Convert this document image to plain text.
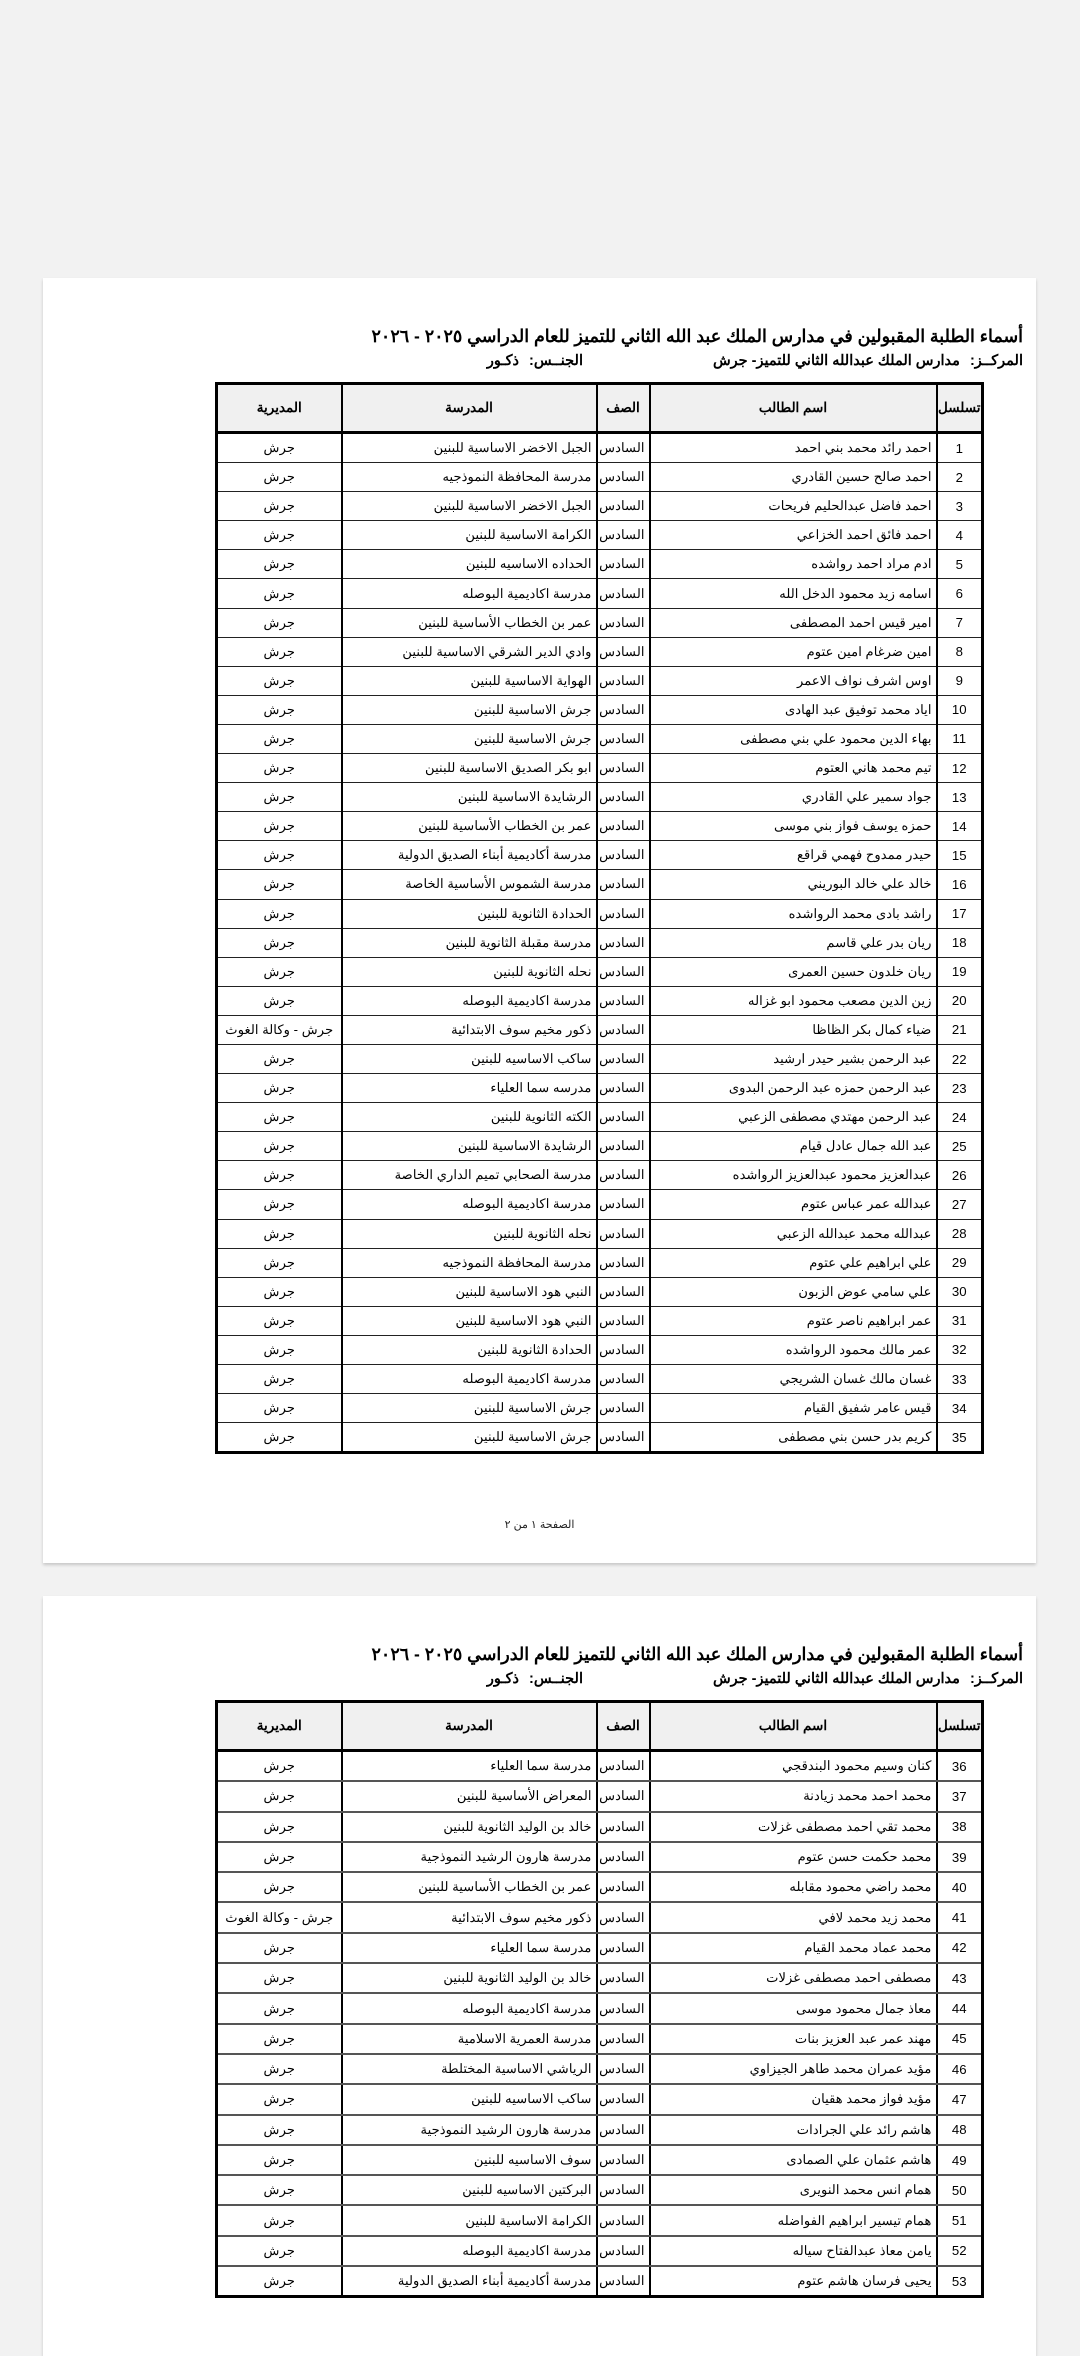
أسماء الطلبة المقبولين في مدارس الملك عبد الله الثاني للتميز للعام الدراسي ٢٠٢٥ - ٢٠٢٦
المركــز: مدارس الملك عبدالله الثاني للتميز- جرش
الجنــس: ذكـور
تسلسل	اسم الطالب	الصف	المدرسة	المديرية
1	احمد رائد محمد بني احمد	السادس	الجبل الاخضر الاساسية للبنين	جرش
2	احمد صالح حسين القادري	السادس	مدرسة المحافظة النموذجيه	جرش
3	احمد فاضل عبدالحليم فريحات	السادس	الجبل الاخضر الاساسية للبنين	جرش
4	احمد فائق احمد الخزاعي	السادس	الكرامة الاساسية للبنين	جرش
5	ادم مراد احمد رواشده	السادس	الحداده الاساسيه للبنين	جرش
6	اسامه زيد محمود الدخل الله	السادس	مدرسة اكاديمية البوصله	جرش
7	امير قيس احمد المصطفى	السادس	عمر بن الخطاب الأساسية للبنين	جرش
8	امين ضرغام امين عتوم	السادس	وادي الدير الشرقي الاساسية للبنين	جرش
9	اوس اشرف نواف الاعمر	السادس	الهواية الاساسية للبنين	جرش
10	اياد محمد توفيق عبد الهادى	السادس	جرش الاساسية للبنين	جرش
11	بهاء الدين محمود علي بني مصطفى	السادس	جرش الاساسية للبنين	جرش
12	تيم محمد هاني العتوم	السادس	ابو بكر الصديق الاساسية للبنين	جرش
13	جواد سمير علي القادري	السادس	الرشايدة الاساسية للبنين	جرش
14	حمزه يوسف فواز بني موسى	السادس	عمر بن الخطاب الأساسية للبنين	جرش
15	حيدر ممدوح فهمي قراقع	السادس	مدرسة أكاديمية أبناء الصديق الدولية	جرش
16	خالد علي خالد البوريني	السادس	مدرسة الشموس الأساسية الخاصة	جرش
17	راشد بادى محمد الرواشده	السادس	الحدادة الثانوية للبنين	جرش
18	ريان بدر علي قاسم	السادس	مدرسة مقبلة الثانوية للبنين	جرش
19	ريان خلدون حسين العمرى	السادس	نحله الثانوية للبنين	جرش
20	زين الدين مصعب محمود ابو غزاله	السادس	مدرسة اكاديمية البوصله	جرش
21	ضياء كمال بكر الظاظا	السادس	ذكور مخيم سوف الابتدائية	جرش - وكالة الغوث
22	عبد الرحمن بشير حيدر ارشيد	السادس	ساكب الاساسيه للبنين	جرش
23	عبد الرحمن حمزه عبد الرحمن البدوى	السادس	مدرسه سما العلياء	جرش
24	عبد الرحمن مهتدي مصطفى الزعبي	السادس	الكته الثانوية للبنين	جرش
25	عبد الله جمال عادل قيام	السادس	الرشايدة الاساسية للبنين	جرش
26	عبدالعزيز محمود عبدالعزيز الرواشده	السادس	مدرسة الصحابي تميم الداري الخاصة	جرش
27	عبدالله عمر عباس عتوم	السادس	مدرسة اكاديمية البوصله	جرش
28	عبدالله محمد عبدالله الزعبي	السادس	نحله الثانوية للبنين	جرش
29	علي ابراهيم علي عتوم	السادس	مدرسة المحافظة النموذجيه	جرش
30	علي سامي عوض الزبون	السادس	النبي هود الاساسية للبنين	جرش
31	عمر ابراهيم ناصر عتوم	السادس	النبي هود الاساسية للبنين	جرش
32	عمر مالك محمود الرواشده	السادس	الحدادة الثانوية للبنين	جرش
33	غسان مالك غسان الشريجي	السادس	مدرسة اكاديمية البوصله	جرش
34	قيس عامر شفيق القيام	السادس	جرش الاساسية للبنين	جرش
35	كريم بدر حسن بني مصطفى	السادس	جرش الاساسية للبنين	جرش
الصفحة ١ من ٢
أسماء الطلبة المقبولين في مدارس الملك عبد الله الثاني للتميز للعام الدراسي ٢٠٢٥ - ٢٠٢٦
المركــز: مدارس الملك عبدالله الثاني للتميز- جرش
الجنــس: ذكـور
تسلسل	اسم الطالب	الصف	المدرسة	المديرية
36	كنان وسيم محمود البندقجي	السادس	مدرسة سما العلياء	جرش
37	محمد احمد محمد زيادنة	السادس	المعراض الأساسية للبنين	جرش
38	محمد تقي احمد مصطفى غزلات	السادس	خالد بن الوليد الثانوية للبنين	جرش
39	محمد حكمت حسن عتوم	السادس	مدرسة هارون الرشيد النموذجية	جرش
40	محمد راضي محمود مقابله	السادس	عمر بن الخطاب الأساسية للبنين	جرش
41	محمد زيد محمد لافي	السادس	ذكور مخيم سوف الابتدائية	جرش - وكالة الغوث
42	محمد عماد محمد القيام	السادس	مدرسة سما العلياء	جرش
43	مصطفى احمد مصطفى غزلات	السادس	خالد بن الوليد الثانوية للبنين	جرش
44	معاذ جمال محمود موسى	السادس	مدرسة اكاديمية البوصله	جرش
45	مهند عمر عبد العزيز بنات	السادس	مدرسة العمرية الاسلامية	جرش
46	مؤيد عمران محمد طاهر الجيزاوي	السادس	الرياشي الاساسية المختلطة	جرش
47	مؤيد فواز محمد هقيان	السادس	ساكب الاساسيه للبنين	جرش
48	هاشم رائد علي الجرادات	السادس	مدرسة هارون الرشيد النموذجية	جرش
49	هاشم عثمان علي الصمادى	السادس	سوف الاساسيه للبنين	جرش
50	همام انس محمد النويرى	السادس	البركتين الاساسيه للبنين	جرش
51	همام تيسير ابراهيم الفواضله	السادس	الكرامة الاساسية للبنين	جرش
52	يامن معاذ عبدالفتاح سياله	السادس	مدرسة اكاديمية البوصله	جرش
53	يحيى فرسان هاشم عتوم	السادس	مدرسة أكاديمية أبناء الصديق الدولية	جرش
